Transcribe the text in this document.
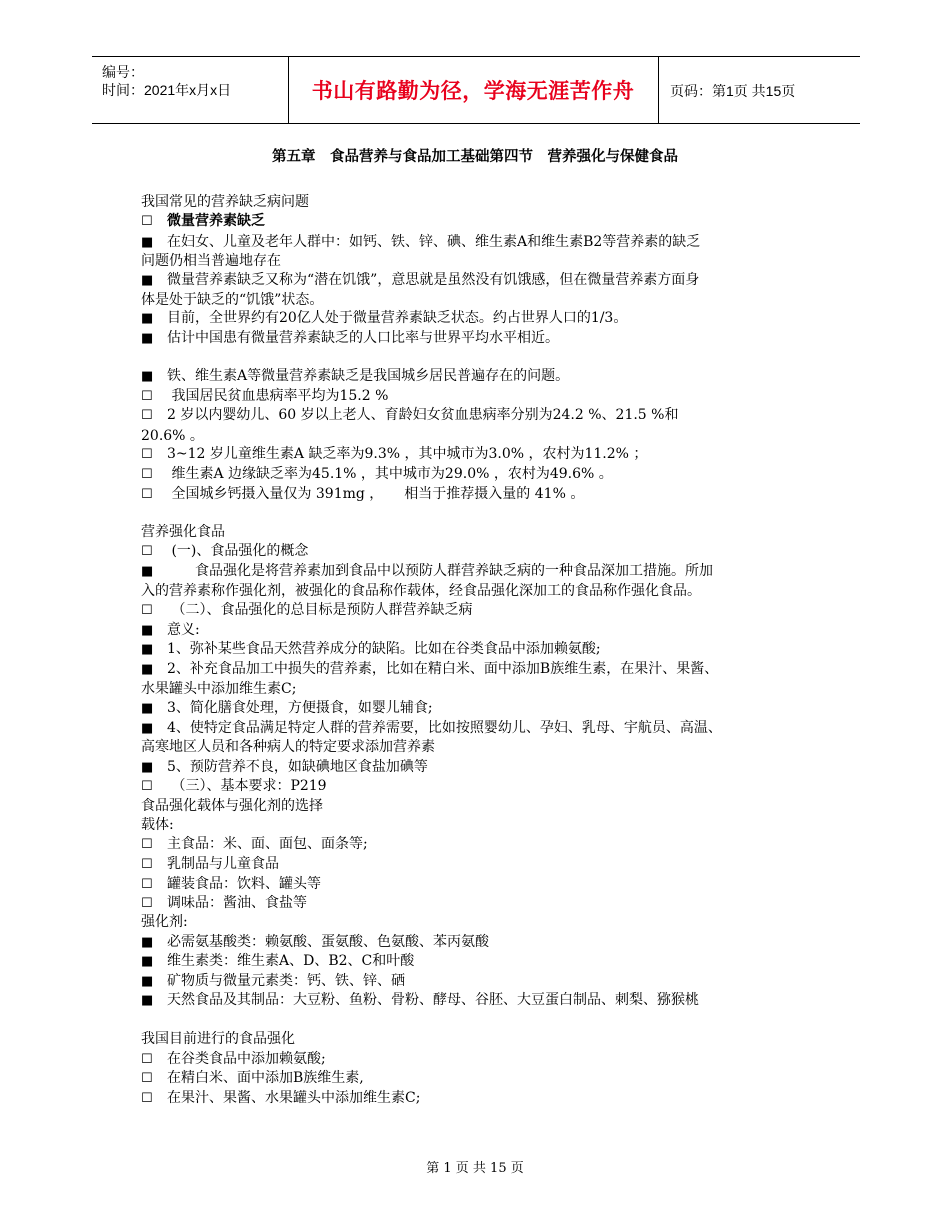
编号：
时间：2021年x月x日	书山有路勤为径，学海无涯苦作舟	页码：第1页 共15页
第五章　食品营养与食品加工基础第四节　营养强化与保健食品
我国常见的营养缺乏病问题
☐ 微量营养素缺乏
■ 在妇女、儿童及老年人群中：如钙、铁、锌、碘、维生素A和维生素B2等营养素的缺乏
问题仍相当普遍地存在
■ 微量营养素缺乏又称为“潜在饥饿”，意思就是虽然没有饥饿感，但在微量营养素方面身
体是处于缺乏的“饥饿”状态。
■ 目前，全世界约有20亿人处于微量营养素缺乏状态。约占世界人口的1/3。
■ 估计中国患有微量营养素缺乏的人口比率与世界平均水平相近。
■ 铁、维生素A等微量营养素缺乏是我国城乡居民普遍存在的问题。
☐ 我国居民贫血患病率平均为15.2 %
☐ 2 岁以内婴幼儿、60 岁以上老人、育龄妇女贫血患病率分别为24.2 %、21.5 %和
20.6% 。
☐ 3~12 岁儿童维生素A 缺乏率为9.3% ，其中城市为3.0% ，农村为11.2% ；
☐ 维生素A 边缘缺乏率为45.1% ，其中城市为29.0% ，农村为49.6% 。
☐ 全国城乡钙摄入量仅为 391mg ，　　相当于推荐摄入量的 41% 。
营养强化食品
☐ (一)、食品强化的概念
■　　食品强化是将营养素加到食品中以预防人群营养缺乏病的一种食品深加工措施。所加
入的营养素称作强化剂，被强化的食品称作载体，经食品强化深加工的食品称作强化食品。
☐ （二）、食品强化的总目标是预防人群营养缺乏病
■ 意义:
■ 1、弥补某些食品天然营养成分的缺陷。比如在谷类食品中添加赖氨酸;
■ 2、补充食品加工中损失的营养素，比如在精白米、面中添加B族维生素，在果汁、果酱、
水果罐头中添加维生素C;
■ 3、简化膳食处理，方便摄食，如婴儿辅食;
■ 4、使特定食品满足特定人群的营养需要，比如按照婴幼儿、孕妇、乳母、宇航员、高温、
高寒地区人员和各种病人的特定要求添加营养素
■ 5、预防营养不良，如缺碘地区食盐加碘等
☐ （三）、基本要求：P219
食品强化载体与强化剂的选择
载体:
☐ 主食品：米、面、面包、面条等;
☐ 乳制品与儿童食品
☐ 罐装食品：饮料、罐头等
☐ 调味品：酱油、食盐等
强化剂:
■ 必需氨基酸类：赖氨酸、蛋氨酸、色氨酸、苯丙氨酸
■ 维生素类：维生素A、D、B2、C和叶酸
■ 矿物质与微量元素类：钙、铁、锌、硒
■ 天然食品及其制品：大豆粉、鱼粉、骨粉、酵母、谷胚、大豆蛋白制品、刺梨、猕猴桃
我国目前进行的食品强化
☐ 在谷类食品中添加赖氨酸;
☐ 在精白米、面中添加B族维生素,
☐ 在果汁、果酱、水果罐头中添加维生素C;
第 1 页 共 15 页
